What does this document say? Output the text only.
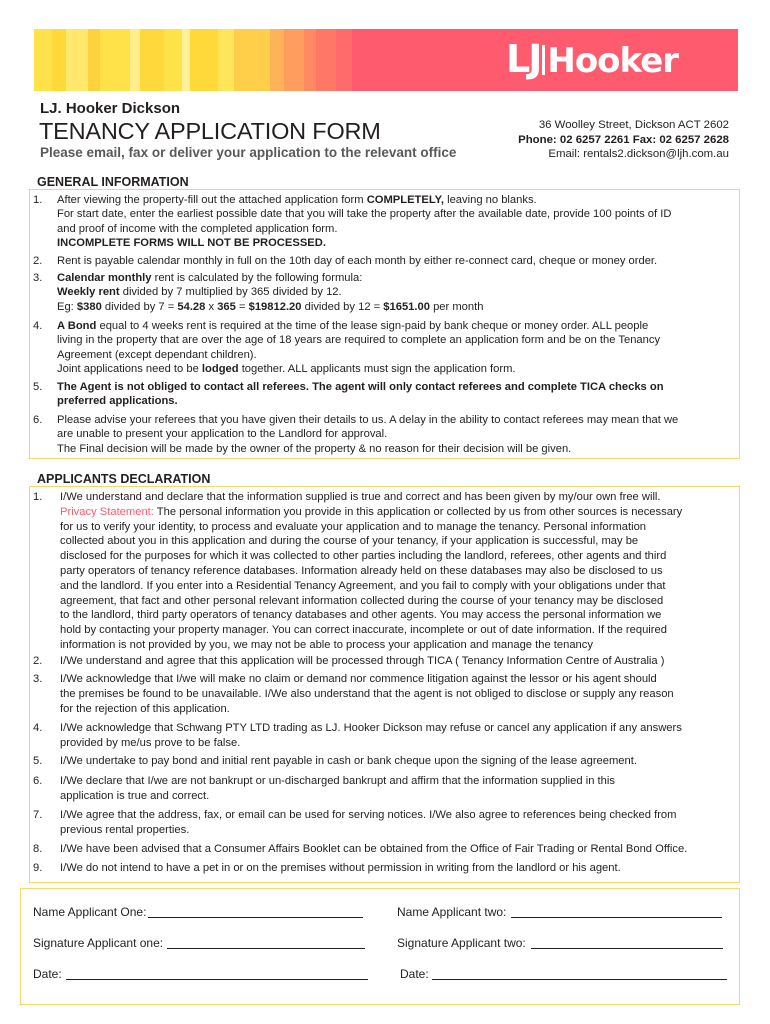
LJ Hooker
LJ. Hooker Dickson
TENANCY APPLICATION FORM
Please email, fax or deliver your application to the relevant office
36 Woolley Street, Dickson ACT 2602
Phone: 02 6257 2261 Fax: 02 6257 2628
Email: rentals2.dickson@ljh.com.au
GENERAL INFORMATION
1. After viewing the property-fill out the attached application form COMPLETELY, leaving no blanks.
For start date, enter the earliest possible date that you will take the property after the available date, provide 100 points of ID
and proof of income with the completed application form.
INCOMPLETE FORMS WILL NOT BE PROCESSED.
2. Rent is payable calendar monthly in full on the 10th day of each month by either re-connect card, cheque or money order.
3. Calendar monthly rent is calculated by the following formula:
Weekly rent divided by 7 multiplied by 365 divided by 12.
Eg: $380 divided by 7 = 54.28 x 365 = $19812.20 divided by 12 = $1651.00 per month
4. A Bond equal to 4 weeks rent is required at the time of the lease sign-paid by bank cheque or money order. ALL people
living in the property that are over the age of 18 years are required to complete an application form and be on the Tenancy
Agreement (except dependant children).
Joint applications need to be lodged together. ALL applicants must sign the application form.
5. The Agent is not obliged to contact all referees. The agent will only contact referees and complete TICA checks on
preferred applications.
6. Please advise your referees that you have given their details to us. A delay in the ability to contact referees may mean that we
are unable to present your application to the Landlord for approval.
The Final decision will be made by the owner of the property & no reason for their decision will be given.
APPLICANTS DECLARATION
1. I/We understand and declare that the information supplied is true and correct and has been given by my/our own free will.
Privacy Statement: The personal information you provide in this application or collected by us from other sources is necessary
for us to verify your identity, to process and evaluate your application and to manage the tenancy. Personal information
collected about you in this application and during the course of your tenancy, if your application is successful, may be
disclosed for the purposes for which it was collected to other parties including the landlord, referees, other agents and third
party operators of tenancy reference databases. Information already held on these databases may also be disclosed to us
and the landlord. If you enter into a Residential Tenancy Agreement, and you fail to comply with your obligations under that
agreement, that fact and other personal relevant information collected during the course of your tenancy may be disclosed
to the landlord, third party operators of tenancy databases and other agents. You may access the personal information we
hold by contacting your property manager. You can correct inaccurate, incomplete or out of date information. If the required
information is not provided by you, we may not be able to process your application and manage the tenancy
2. I/We understand and agree that this application will be processed through TICA ( Tenancy Information Centre of Australia )
3. I/We acknowledge that I/we will make no claim or demand nor commence litigation against the lessor or his agent should
the premises be found to be unavailable. I/We also understand that the agent is not obliged to disclose or supply any reason
for the rejection of this application.
4. I/We acknowledge that Schwang PTY LTD trading as LJ. Hooker Dickson may refuse or cancel any application if any answers
provided by me/us prove to be false.
5. I/We undertake to pay bond and initial rent payable in cash or bank cheque upon the signing of the lease agreement.
6. I/We declare that I/we are not bankrupt or un-discharged bankrupt and affirm that the information supplied in this
application is true and correct.
7. I/We agree that the address, fax, or email can be used for serving notices. I/We also agree to references being checked from
previous rental properties.
8. I/We have been advised that a Consumer Affairs Booklet can be obtained from the Office of Fair Trading or Rental Bond Office.
9. I/We do not intend to have a pet in or on the premises without permission in writing from the landlord or his agent.
Name Applicant One:	Name Applicant two:
Signature Applicant one:	Signature Applicant two:
Date:	Date:
